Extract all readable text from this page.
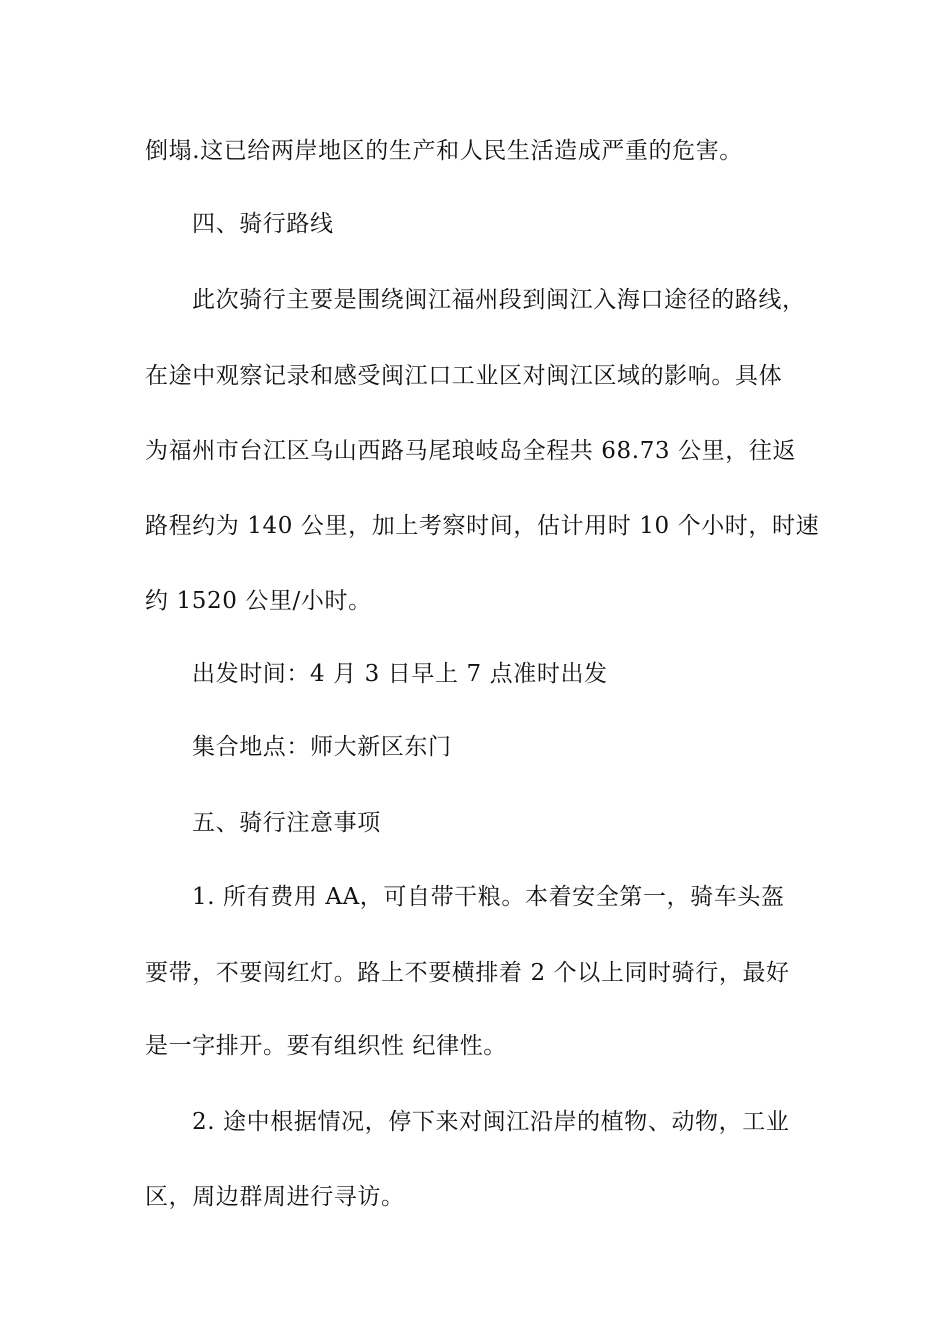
倒塌.这已给两岸地区的生产和人民生活造成严重的危害。

四、骑行路线

此次骑行主要是围绕闽江福州段到闽江入海口途径的路线，

在途中观察记录和感受闽江口工业区对闽江区域的影响。具体

为福州市台江区乌山西路马尾琅岐岛全程共 68.73 公里，往返

路程约为 140 公里，加上考察时间，估计用时 10 个小时，时速

约 1520 公里/小时。

出发时间：4 月 3 日早上 7 点准时出发

集合地点：师大新区东门

五、骑行注意事项

1. 所有费用 AA，可自带干粮。本着安全第一，骑车头盔

要带，不要闯红灯。路上不要横排着 2 个以上同时骑行，最好

是一字排开。要有组织性 纪律性。

2. 途中根据情况，停下来对闽江沿岸的植物、动物，工业

区，周边群周进行寻访。
